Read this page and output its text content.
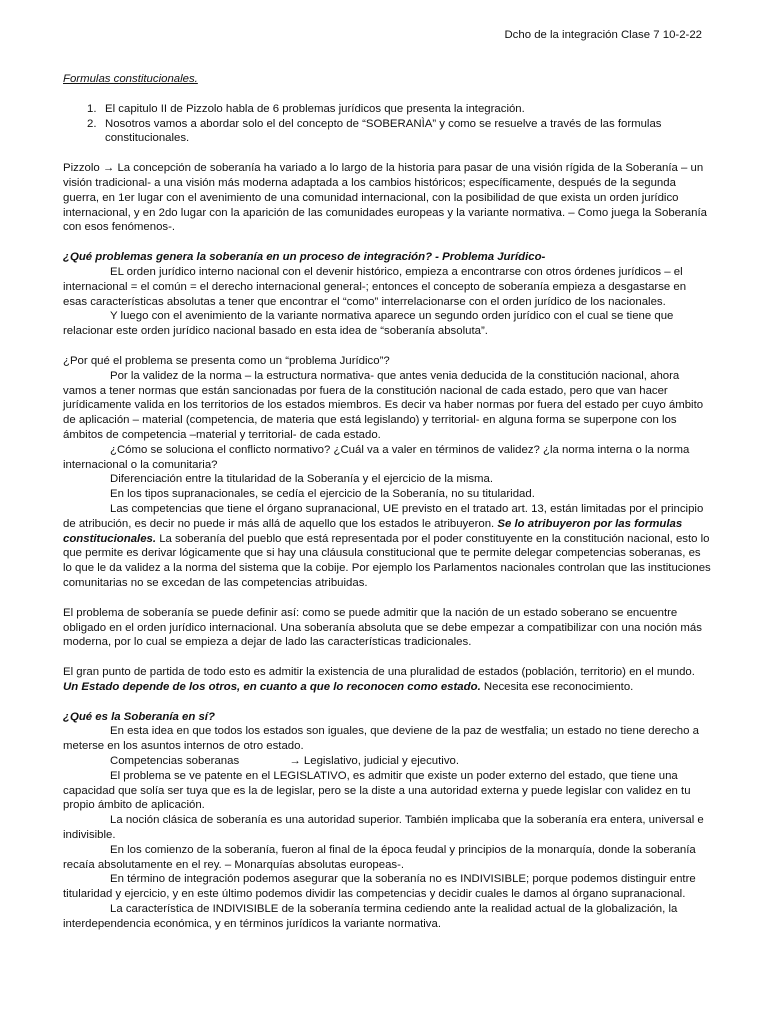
Dcho de la integración Clase 7 10-2-22

Formulas constitucionales.

1. El capitulo II de Pizzolo habla de 6 problemas jurídicos que presenta la integración.
2. Nosotros vamos a abordar solo el del concepto de “SOBERANÌA” y como se resuelve a través de las formulas constitucionales.

Pizzolo → La concepción de soberanía ha variado a lo largo de la historia para pasar de una visión rígida de la Soberanía – un visión tradicional- a una visión más moderna adaptada a los cambios históricos; específicamente, después de la segunda guerra, en 1er lugar con el avenimiento de una comunidad internacional, con la posibilidad de que exista un orden jurídico internacional, y en 2do lugar con la aparición de las comunidades europeas y la variante normativa. – Como juega la Soberanía con esos fenómenos-.

¿Qué problemas genera la soberanía en un proceso de integración? - Problema Jurídico-

EL orden jurídico interno nacional con el devenir histórico, empieza a encontrarse con otros órdenes jurídicos – el internacional = el común = el derecho internacional general-; entonces el concepto de soberanía empieza a desgastarse en esas características absolutas a tener que encontrar el “como” interrelacionarse con el orden jurídico de los nacionales.

Y luego con el avenimiento de la variante normativa aparece un segundo orden jurídico con el cual se tiene que relacionar este orden jurídico nacional basado en esta idea de “soberanía absoluta”.

¿Por qué el problema se presenta como un “problema Jurídico”?

Por la validez de la norma – la estructura normativa- que antes venia deducida de la constitución nacional, ahora vamos a tener normas que están sancionadas por fuera de la constitución nacional de cada estado, pero que van hacer jurídicamente valida en los territorios de los estados miembros. Es decir va haber normas por fuera del estado per cuyo ámbito de aplicación – material (competencia, de materia que está legislando) y territorial- en alguna forma se superpone con los ámbitos de competencia –material y territorial- de cada estado.

¿Cómo se soluciona el conflicto normativo? ¿Cuál va a valer en términos de validez? ¿la norma interna o la norma internacional o la comunitaria?

Diferenciación entre la titularidad de la Soberanía y el ejercicio de la misma.

En los tipos supranacionales, se cedía el ejercicio de la Soberanía, no su titularidad.

Las competencias que tiene el órgano supranacional, UE previsto en el tratado art. 13, están limitadas por el principio de atribución, es decir no puede ir más allá de aquello que los estados le atribuyeron. Se lo atribuyeron por las formulas constitucionales. La soberanía del pueblo que está representada por el poder constituyente en la constitución nacional, esto lo que permite es derivar lógicamente que si hay una cláusula constitucional que te permite delegar competencias soberanas, es lo que le da validez a la norma del sistema que la cobije. Por ejemplo los Parlamentos nacionales controlan que las instituciones comunitarias no se excedan de las competencias atribuidas.

El problema de soberanía se puede definir así: como se puede admitir que la nación de un estado soberano se encuentre obligado en el orden jurídico internacional. Una soberanía absoluta que se debe empezar a compatibilizar con una noción más moderna, por lo cual se empieza a dejar de lado las características tradicionales.

El gran punto de partida de todo esto es admitir la existencia de una pluralidad de estados (población, territorio) en el mundo. Un Estado depende de los otros, en cuanto a que lo reconocen como estado. Necesita ese reconocimiento.

¿Qué es la Soberanía en sí?

En esta idea en que todos los estados son iguales, que deviene de la paz de westfalia; un estado no tiene derecho a meterse en los asuntos internos de otro estado.

Competencias soberanas	→ Legislativo, judicial y ejecutivo.

El problema se ve patente en el LEGISLATIVO, es admitir que existe un poder externo del estado, que tiene una capacidad que solía ser tuya que es la de legislar, pero se la diste a una autoridad externa y puede legislar con validez en tu propio ámbito de aplicación.

La noción clásica de soberanía es una autoridad superior. También implicaba que la soberanía era entera, universal e indivisible.

En los comienzo de la soberanía, fueron al final de la época feudal y principios de la monarquía, donde la soberanía recaía absolutamente en el rey. – Monarquías absolutas europeas-.

En término de integración podemos asegurar que la soberanía no es INDIVISIBLE; porque podemos distinguir entre titularidad y ejercicio, y en este último podemos dividir las competencias y decidir cuales le damos al órgano supranacional.

La característica de INDIVISIBLE de la soberanía termina cediendo ante la realidad actual de la globalización, la interdependencia económica, y en términos jurídicos la variante normativa.
